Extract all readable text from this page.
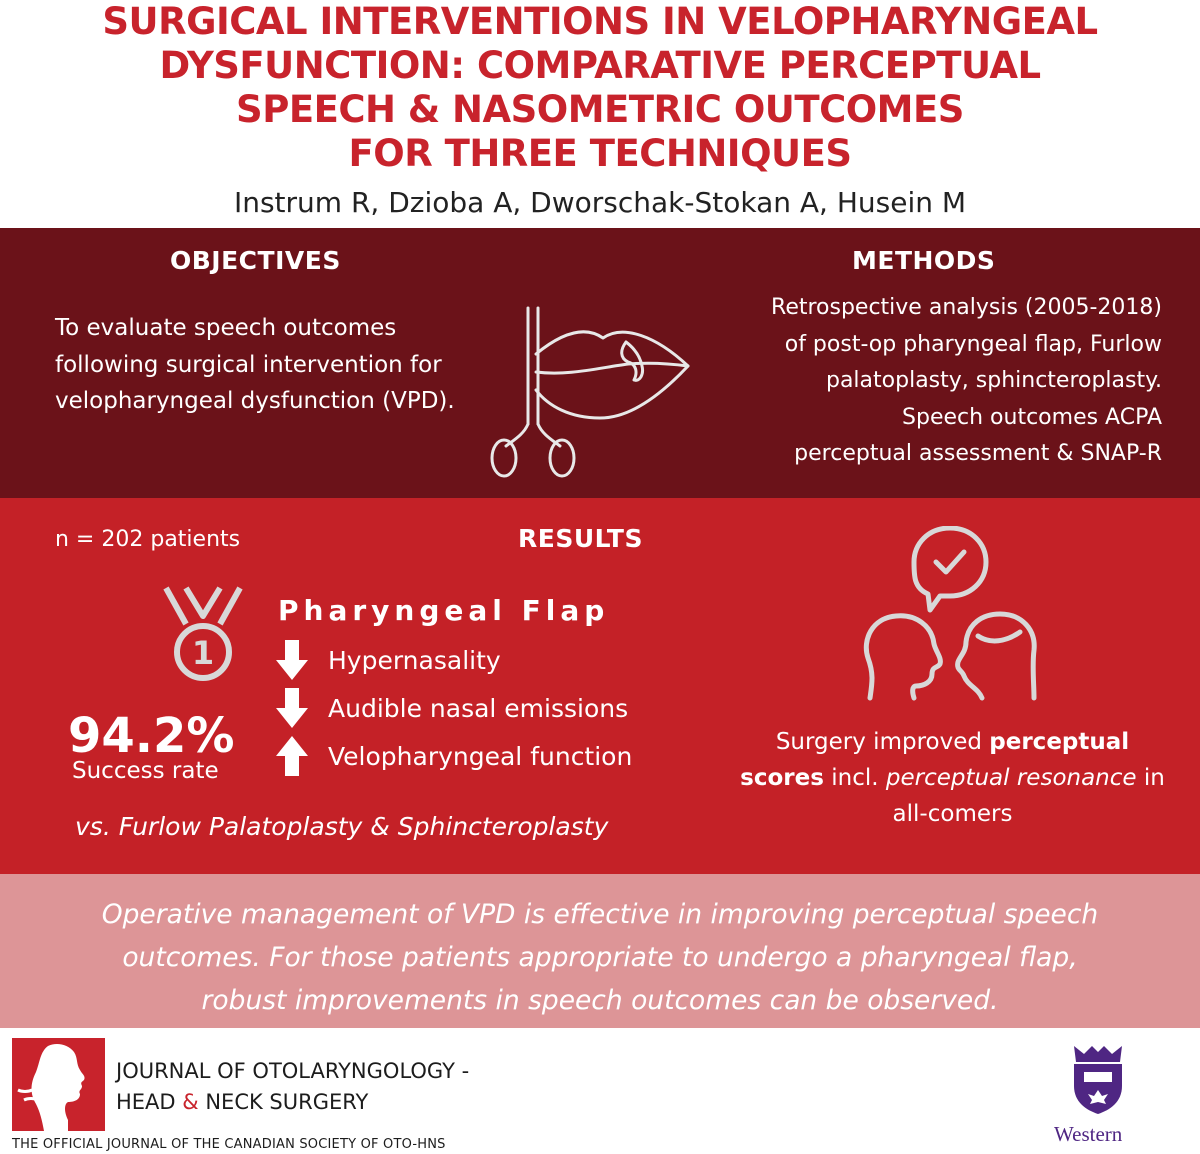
SURGICAL INTERVENTIONS IN VELOPHARYNGEAL
DYSFUNCTION: COMPARATIVE PERCEPTUAL
SPEECH & NASOMETRIC OUTCOMES
FOR THREE TECHNIQUES
Instrum R, Dzioba A, Dworschak-Stokan A, Husein M
OBJECTIVES
To evaluate speech outcomes following surgical intervention for velopharyngeal dysfunction (VPD).
METHODS
Retrospective analysis (2005-2018)
of post-op pharyngeal flap, Furlow
palatoplasty, sphincteroplasty.
Speech outcomes ACPA
perceptual assessment & SNAP-R
n = 202 patients	RESULTS
1
94.2%
Success rate
Pharyngeal Flap
Hypernasality
Audible nasal emissions
Velopharyngeal function
vs. Furlow Palatoplasty & Sphincteroplasty
Surgery improved perceptual
scores incl. perceptual resonance in all-comers
Operative management of VPD is effective in improving perceptual speech
outcomes. For those patients appropriate to undergo a pharyngeal flap,
robust improvements in speech outcomes can be observed.
JOURNAL OF OTOLARYNGOLOGY -
HEAD & NECK SURGERY
THE OFFICIAL JOURNAL OF THE CANADIAN SOCIETY OF OTO-HNS	Western
